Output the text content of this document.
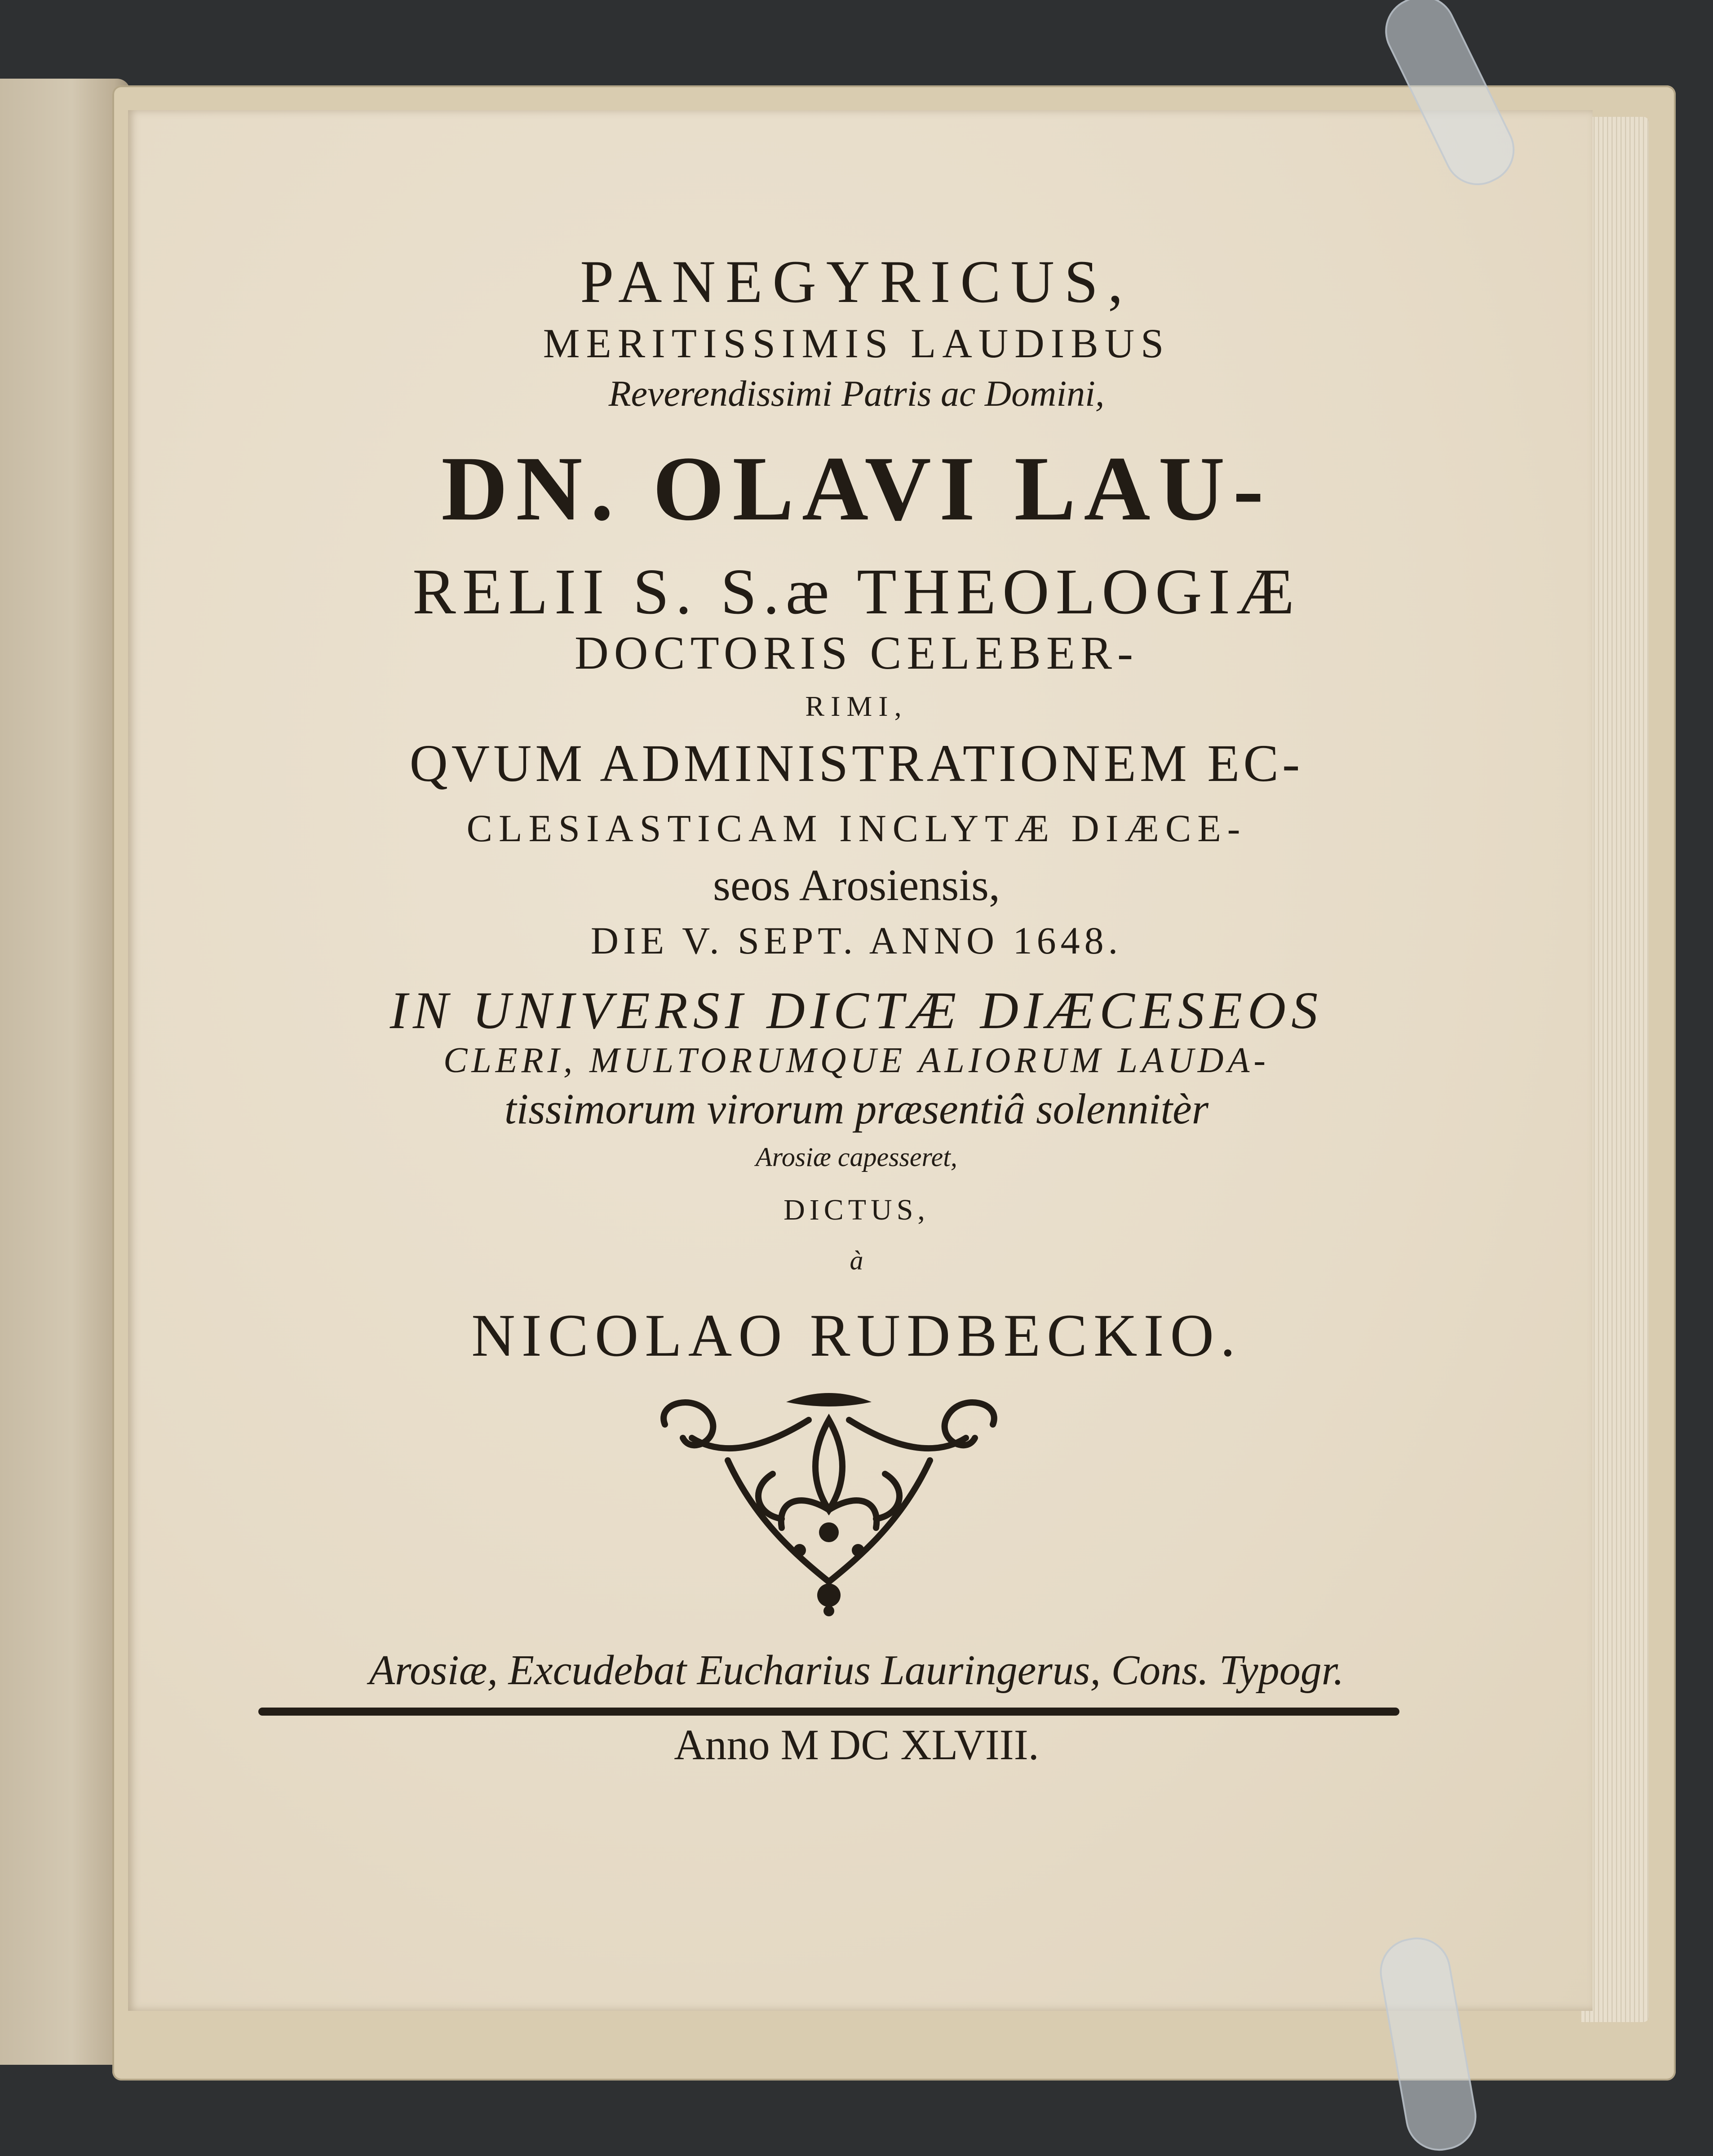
PANEGYRICUS,
MERITISSIMIS LAUDIBUS
Reverendissimi Patris ac Domini,
DN. OLAVI LAU-
RELII S. S.æ THEOLOGIÆ
DOCTORIS CELEBER-
RIMI,
QVUM ADMINISTRATIONEM EC-
CLESIASTICAM INCLYTÆ DIÆCE-
seos Arosiensis,
DIE V. SEPT. ANNO 1648.
IN UNIVERSI DICTÆ DIÆCESEOS
CLERI, MULTORUMQUE ALIORUM LAUDA-
tissimorum virorum præsentiâ solennitèr
Arosiæ capesseret,
DICTUS,
à
NICOLAO RUDBECKIO.
Arosiæ, Excudebat Eucharius Lauringerus, Cons. Typogr.
Anno M DC XLVIII.
